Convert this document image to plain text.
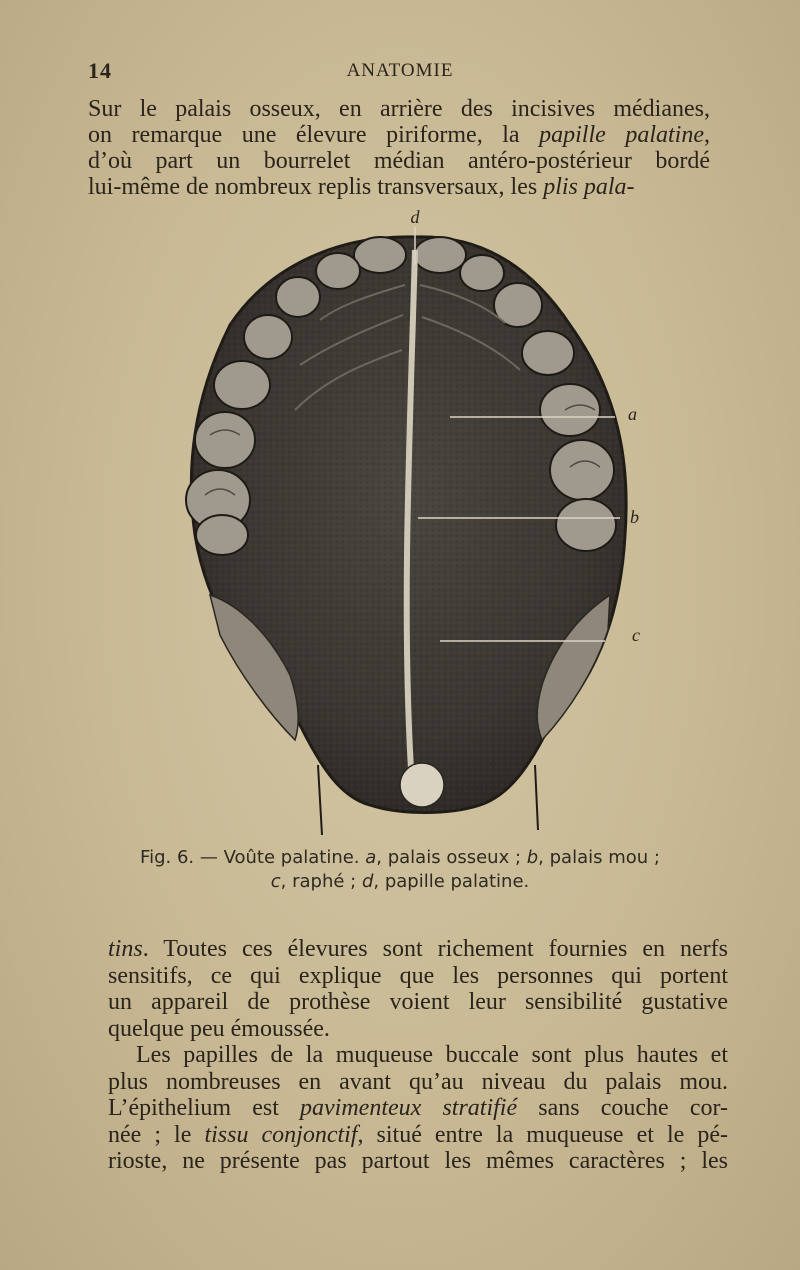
14	ANATOMIE

Sur le palais osseux, en arrière des incisives médianes,
on remarque une élevure piriforme, la papille palatine,
d’où part un bourrelet médian antéro-postérieur bordé
lui-même de nombreux replis transversaux, les plis pala-

d
a
b
c
Fig. 6. — Voûte palatine. a, palais osseux ; b, palais mou ;
c, raphé ; d, papille palatine.

tins. Toutes ces élevures sont richement fournies en nerfs
sensitifs, ce qui explique que les personnes qui portent
un appareil de prothèse voient leur sensibilité gustative
quelque peu émoussée.
Les papilles de la muqueuse buccale sont plus hautes et
plus nombreuses en avant qu’au niveau du palais mou.
L’épithelium est pavimenteux stratifié sans couche cor-
née ; le tissu conjonctif, situé entre la muqueuse et le pé-
rioste, ne présente pas partout les mêmes caractères ; les
